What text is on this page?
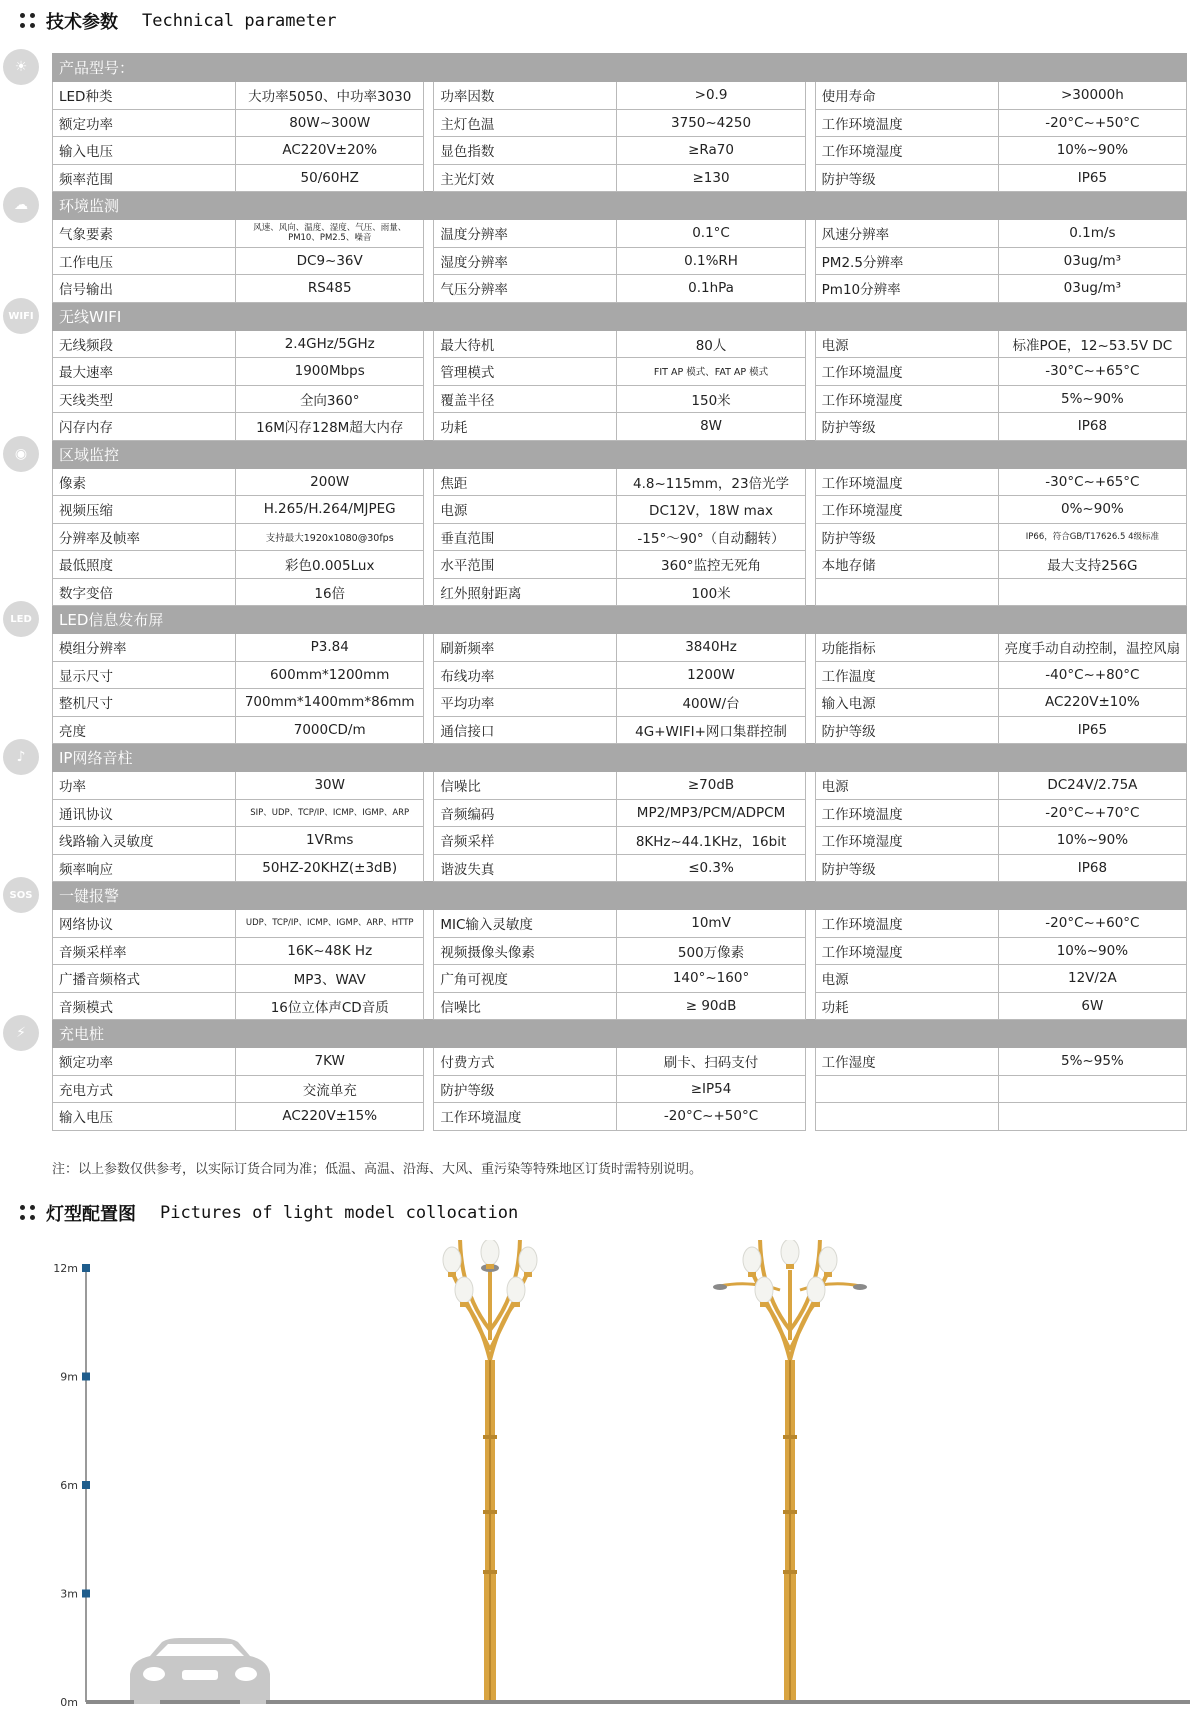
技术参数 Technical parameter
☀
☁
WIFI
◉
LED
♪
SOS
⚡
产品型号：							
LED种类	大功率5050、中功率3030		功率因数	>0.9		使用寿命	>30000h
额定功率	80W~300W		主灯色温	3750~4250		工作环境温度	-20°C~+50°C
输入电压	AC220V±20%		显色指数	≥Ra70		工作环境湿度	10%~90%
频率范围	50/60HZ		主光灯效	≥130		防护等级	IP65
环境监测							
气象要素	风速、风向、温度、湿度、气压、雨量、PM10、PM2.5、噪音		温度分辨率	0.1°C		风速分辨率	0.1m/s
工作电压	DC9~36V		湿度分辨率	0.1%RH		PM2.5分辨率	03ug/m³
信号输出	RS485		气压分辨率	0.1hPa		Pm10分辨率	03ug/m³
无线WIFI							
无线频段	2.4GHz/5GHz		最大待机	80人		电源	标准POE，12~53.5V DC
最大速率	1900Mbps		管理模式	FIT AP 模式、FAT AP 模式		工作环境温度	-30°C~+65°C
天线类型	全向360°		覆盖半径	150米		工作环境湿度	5%~90%
闪存内存	16M闪存128M超大内存		功耗	8W		防护等级	IP68
区域监控							
像素	200W		焦距	4.8~115mm，23倍光学		工作环境温度	-30°C~+65°C
视频压缩	H.265/H.264/MJPEG		电源	DC12V，18W max		工作环境湿度	0%~90%
分辨率及帧率	支持最大1920x1080@30fps		垂直范围	-15°～90°（自动翻转）		防护等级	IP66，符合GB/T17626.5 4级标准
最低照度	彩色0.005Lux		水平范围	360°监控无死角		本地存储	最大支持256G
数字变倍	16倍		红外照射距离	100米			
LED信息发布屏							
模组分辨率	P3.84		刷新频率	3840Hz		功能指标	亮度手动自动控制，温控风扇
显示尺寸	600mm*1200mm		布线功率	1200W		工作温度	-40°C~+80°C
整机尺寸	700mm*1400mm*86mm		平均功率	400W/台		输入电源	AC220V±10%
亮度	7000CD/m		通信接口	4G+WIFI+网口集群控制		防护等级	IP65
IP网络音柱							
功率	30W		信噪比	≥70dB		电源	DC24V/2.75A
通讯协议	SIP、UDP、TCP/IP、ICMP、IGMP、ARP		音频编码	MP2/MP3/PCM/ADPCM		工作环境温度	-20°C~+70°C
线路输入灵敏度	1VRms		音频采样	8KHz~44.1KHz，16bit		工作环境湿度	10%~90%
频率响应	50HZ-20KHZ(±3dB)		谐波失真	≤0.3%		防护等级	IP68
一键报警							
网络协议	UDP、TCP/IP、ICMP、IGMP、ARP、HTTP		MIC输入灵敏度	10mV		工作环境温度	-20°C~+60°C
音频采样率	16K~48K Hz		视频摄像头像素	500万像素		工作环境湿度	10%~90%
广播音频格式	MP3、WAV		广角可视度	140°~160°		电源	12V/2A
音频模式	16位立体声CD音质		信噪比	≥ 90dB		功耗	6W
充电桩							
额定功率	7KW		付费方式	刷卡、扫码支付		工作湿度	5%~95%
充电方式	交流单充		防护等级	≥IP54			
输入电压	AC220V±15%		工作环境温度	-20°C~+50°C			
注：以上参数仅供参考，以实际订货合同为准；低温、高温、沿海、大风、重污染等特殊地区订货时需特别说明。
灯型配置图 Pictures of light model collocation
12m
9m
6m
3m
0m
